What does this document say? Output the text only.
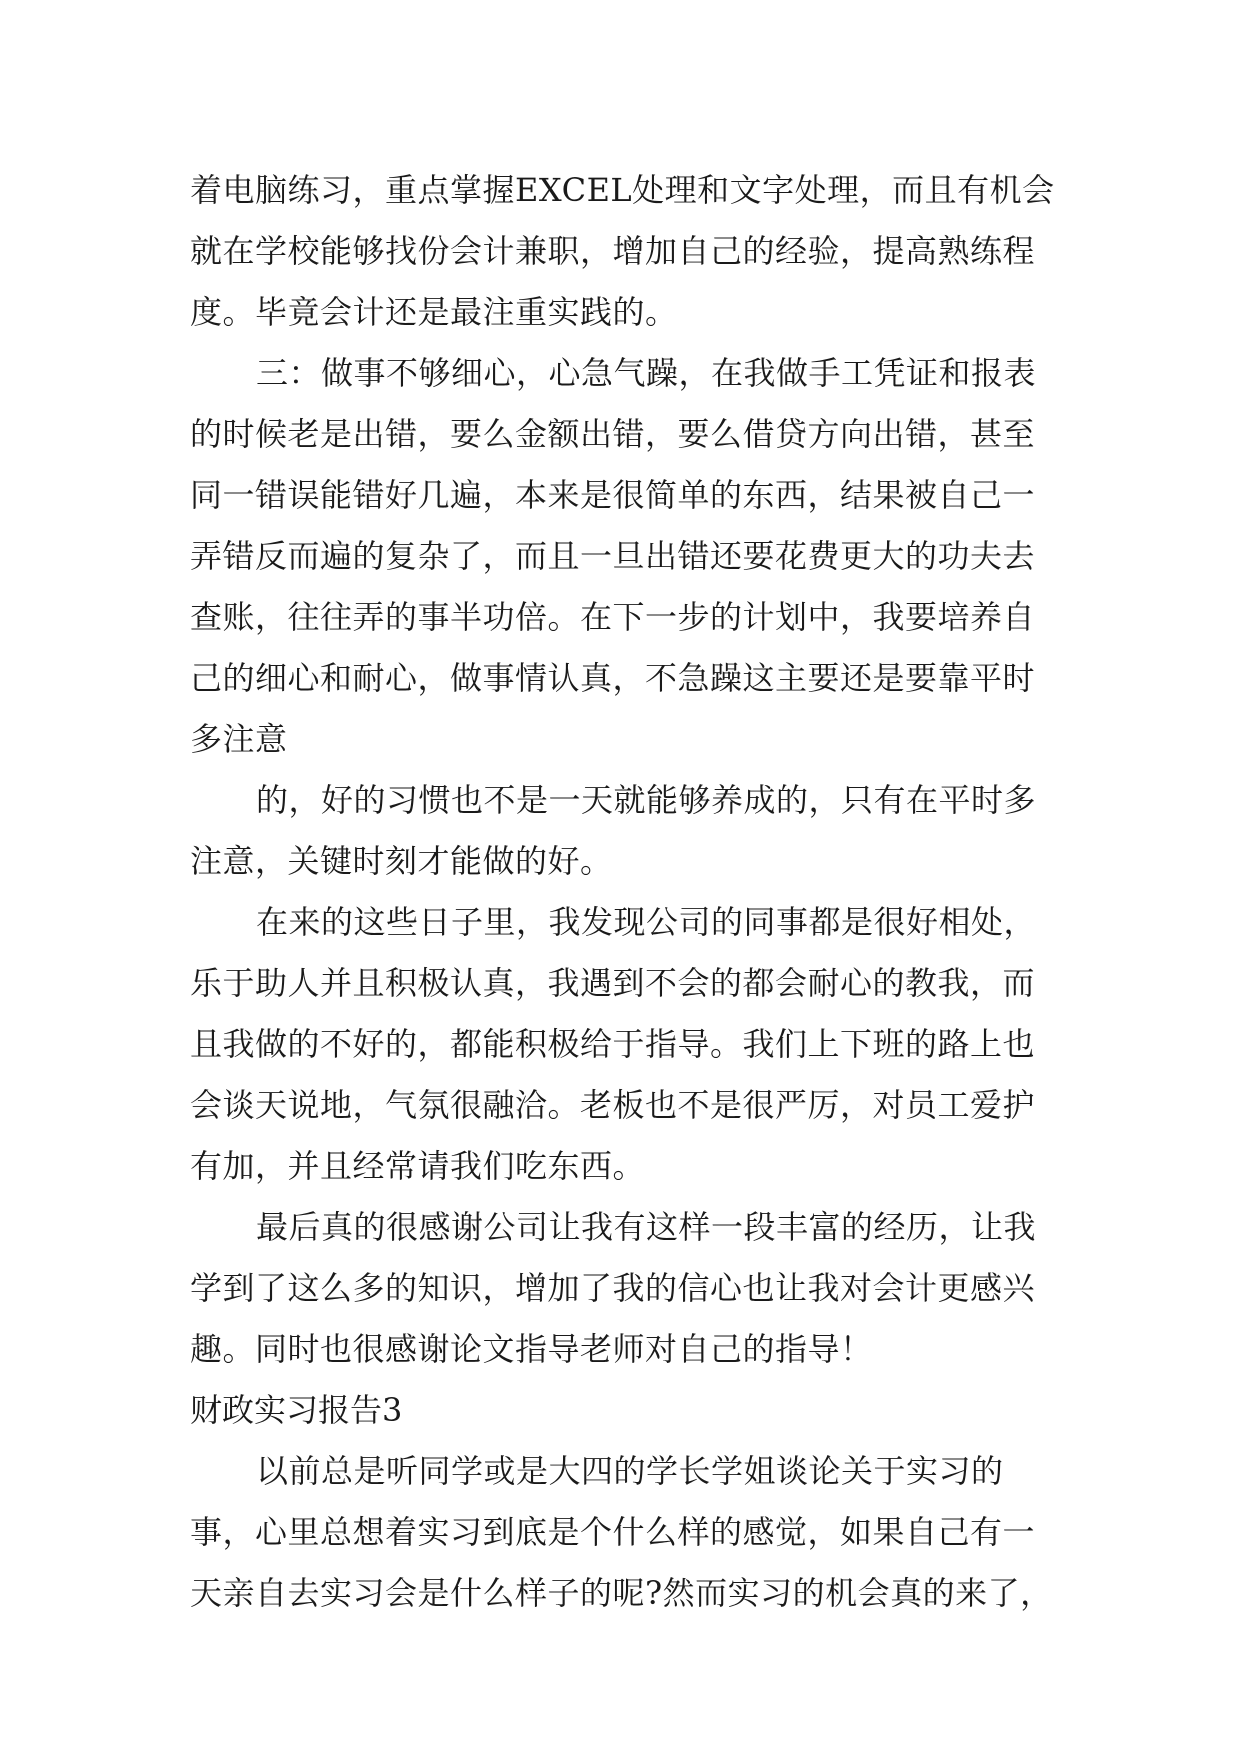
着电脑练习，重点掌握EXCEL处理和文字处理，而且有机会

就在学校能够找份会计兼职，增加自己的经验，提高熟练程

度。毕竟会计还是最注重实践的。

三：做事不够细心，心急气躁，在我做手工凭证和报表

的时候老是出错，要么金额出错，要么借贷方向出错，甚至

同一错误能错好几遍，本来是很简单的东西，结果被自己一

弄错反而遍的复杂了，而且一旦出错还要花费更大的功夫去

查账，往往弄的事半功倍。在下一步的计划中，我要培养自

己的细心和耐心，做事情认真，不急躁这主要还是要靠平时

多注意

的，好的习惯也不是一天就能够养成的，只有在平时多

注意，关键时刻才能做的好。

在来的这些日子里，我发现公司的同事都是很好相处，

乐于助人并且积极认真，我遇到不会的都会耐心的教我，而

且我做的不好的，都能积极给于指导。我们上下班的路上也

会谈天说地，气氛很融洽。老板也不是很严厉，对员工爱护

有加，并且经常请我们吃东西。

最后真的很感谢公司让我有这样一段丰富的经历，让我

学到了这么多的知识，增加了我的信心也让我对会计更感兴

趣。同时也很感谢论文指导老师对自己的指导！

财政实习报告3

以前总是听同学或是大四的学长学姐谈论关于实习的

事，心里总想着实习到底是个什么样的感觉，如果自己有一

天亲自去实习会是什么样子的呢?然而实习的机会真的来了，
